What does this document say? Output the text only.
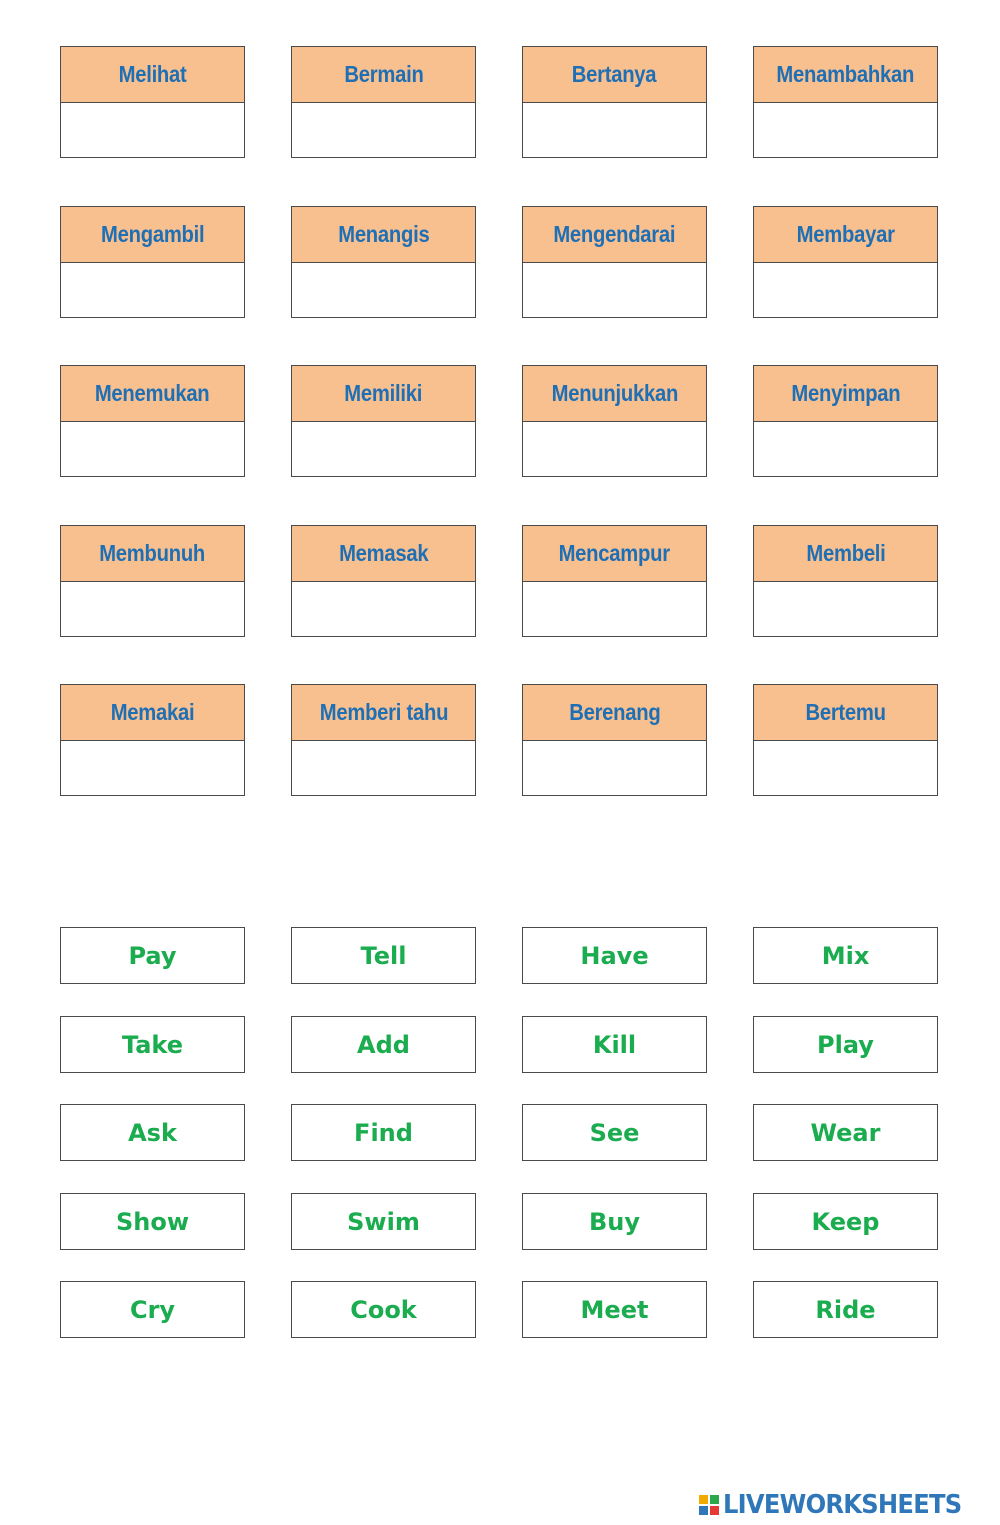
Melihat	Bermain	Bertanya	Menambahkan
Mengambil	Menangis	Mengendarai	Membayar
Menemukan	Memiliki	Menunjukkan	Menyimpan
Membunuh	Memasak	Mencampur	Membeli
Memakai	Memberi tahu	Berenang	Bertemu
Pay	Tell	Have	Mix
Take	Add	Kill	Play
Ask	Find	See	Wear
Show	Swim	Buy	Keep
Cry	Cook	Meet	Ride
LIVEWORKSHEETS
